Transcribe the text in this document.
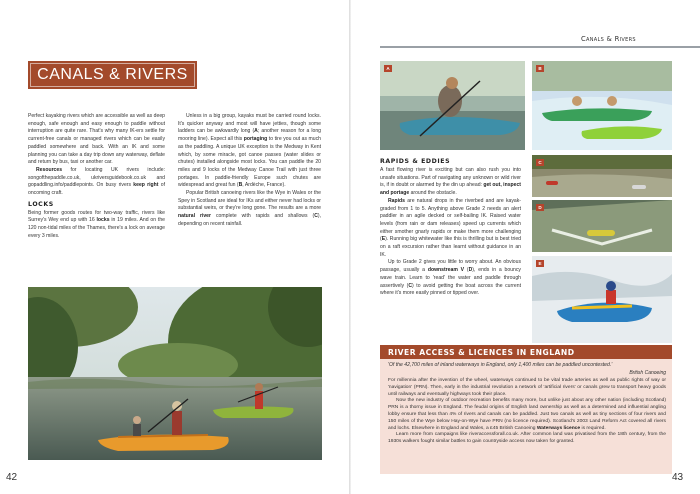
Canals & Rivers
CANALS & RIVERS

Perfect kayaking rivers which are accessible as well as deep enough, safe enough and easy enough to paddle without interruption are quite rare. That's why many IK-ers settle for current-free canals or managed rivers which can be easily paddled somewhere and back. With an IK and some planning you can take a day trip down any waterway, deflate and return by bus, taxi or another car.

Resources for locating UK rivers include: songofthepaddle.co.uk, ukriversguidebook.co.uk and gopaddling.info/paddlepoints. On busy rivers keep right of oncoming craft.

LOCKS

Being former goods routes for two-way traffic, rivers like Surrey's Wey end up with 16 locks in 19 miles. And on the 120 non-tidal miles of the Thames, there's a lock on average every 3 miles.

Unless in a big group, kayaks must be carried round locks. It's quicker anyway and most will have jetties, though some ladders can be awkwardly long (A; another reason for a long mooring line). Expect all this portaging to tire you out as much as the paddling. A unique UK exception is the Medway in Kent which, by some miracle, got canoe passes (water slides or chutes) installed alongside most locks. You can paddle the 20 miles and 9 locks of the Medway Canoe Trail with just three portages. In paddle-friendly Europe such chutes are widespread and great fun (B, Ardèche, France).

Popular British canoeing rivers like the Wye in Wales or the Spey in Scotland are ideal for IKs and either never had locks or substantial weirs, or they're long gone. The results are a more natural river complete with rapids and shallows (C), depending on recent rainfall.

42
A	B
C
D
E
RAPIDS & EDDIES

A fast flowing river is exciting but can also rush you into unsafe situations. Part of navigating any unknown or wild river is, if in doubt or alarmed by the din up ahead: get out, inspect and portage around the obstacle.

Rapids are natural drops in the riverbed and are kayak-graded from 1 to 5. Anything above Grade 2 needs an alert paddler in an agile decked or self-bailing IK. Raised water levels (from rain or dam releases) speed up currents which either smother gnarly rapids or make them more challenging (E). Running big whitewater like this is thrilling but is best tried on a raft excursion rather than learnt without guidance in an IK.

Up to Grade 2 gives you little to worry about. An obvious passage, usually a downstream V (D), ends in a bouncy wave train. Learn to 'read' the water and paddle through assertively (C) to avoid getting the boat across the current where it's more easily pinned or tipped over.

RIVER ACCESS & LICENCES IN ENGLAND
'Of the 42,700 miles of inland waterways in England, only 1,400 miles can be paddled uncontested.'
British Canoeing

For millennia after the invention of the wheel, waterways continued to be vital trade arteries as well as public rights of way or 'navigation' (PRN). Then, early in the industrial revolution a network of 'artificial rivers' or canals grew to transport heavy goods until railways and eventually highways took their place.

Now the new industry of outdoor recreation benefits many more, but unlike just about any other nation (including Scotland) PRN is a thorny issue in England. The feudal origins of English land ownership as well as a determined and influential angling lobby ensure that less than 4% of rivers and canals can be paddled. Just two canals as well as tiny sections of four rivers and 150 miles of the Wye below Hay-on-Wye have PRN (no licence required). Scotland's 2003 Land Reform Act covered all rivers and lochs. Elsewhere in England and Wales, a £45 British Canoeing Waterways licence is required.

Learn more from campaigns like riveraccessforall.co.uk. After common land was privatised from the 18th century, from the 1930s walkers fought similar battles to gain countryside access now taken for granted.

43
